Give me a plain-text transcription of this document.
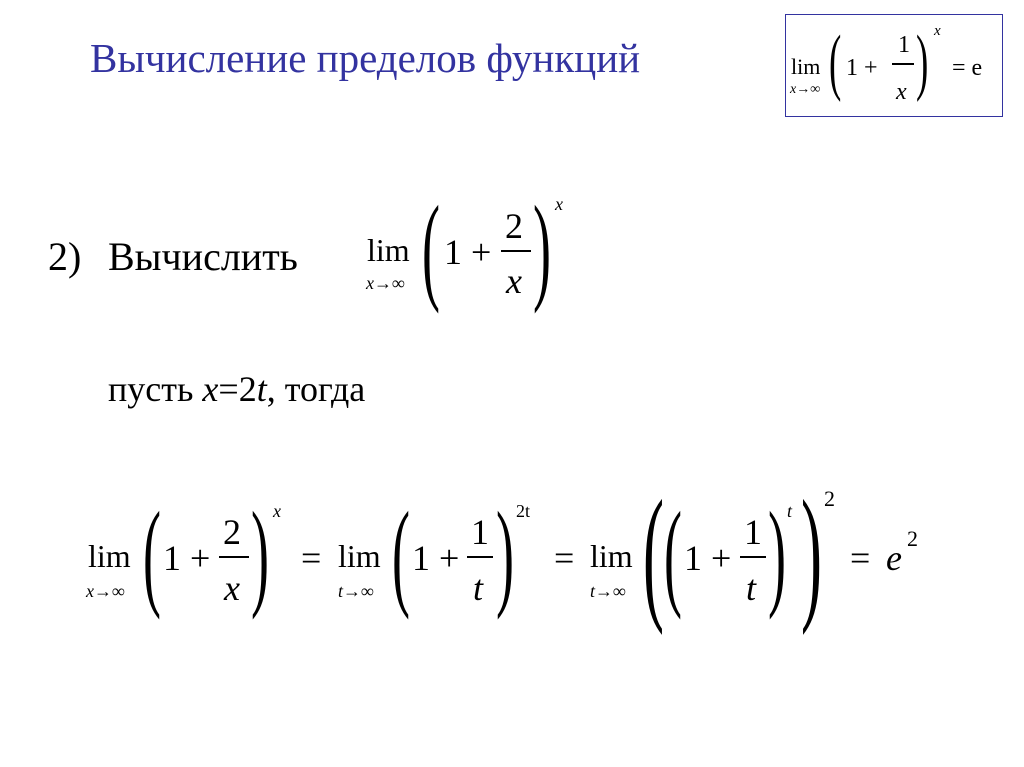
Вычисление пределов функций	lim
x→∞ ( 1 +
1
x ) x
= e
2) Вычислить lim
x→∞ ( 1 +
2
x ) x
пусть x=2t, тогда
lim
x→∞ ( 1 +
2
x ) x
= lim
t→∞ ( 1 +
1
t ) 2t
= lim
t→∞ ( ( 1 +
1
t ) t ) 2
= e 2
